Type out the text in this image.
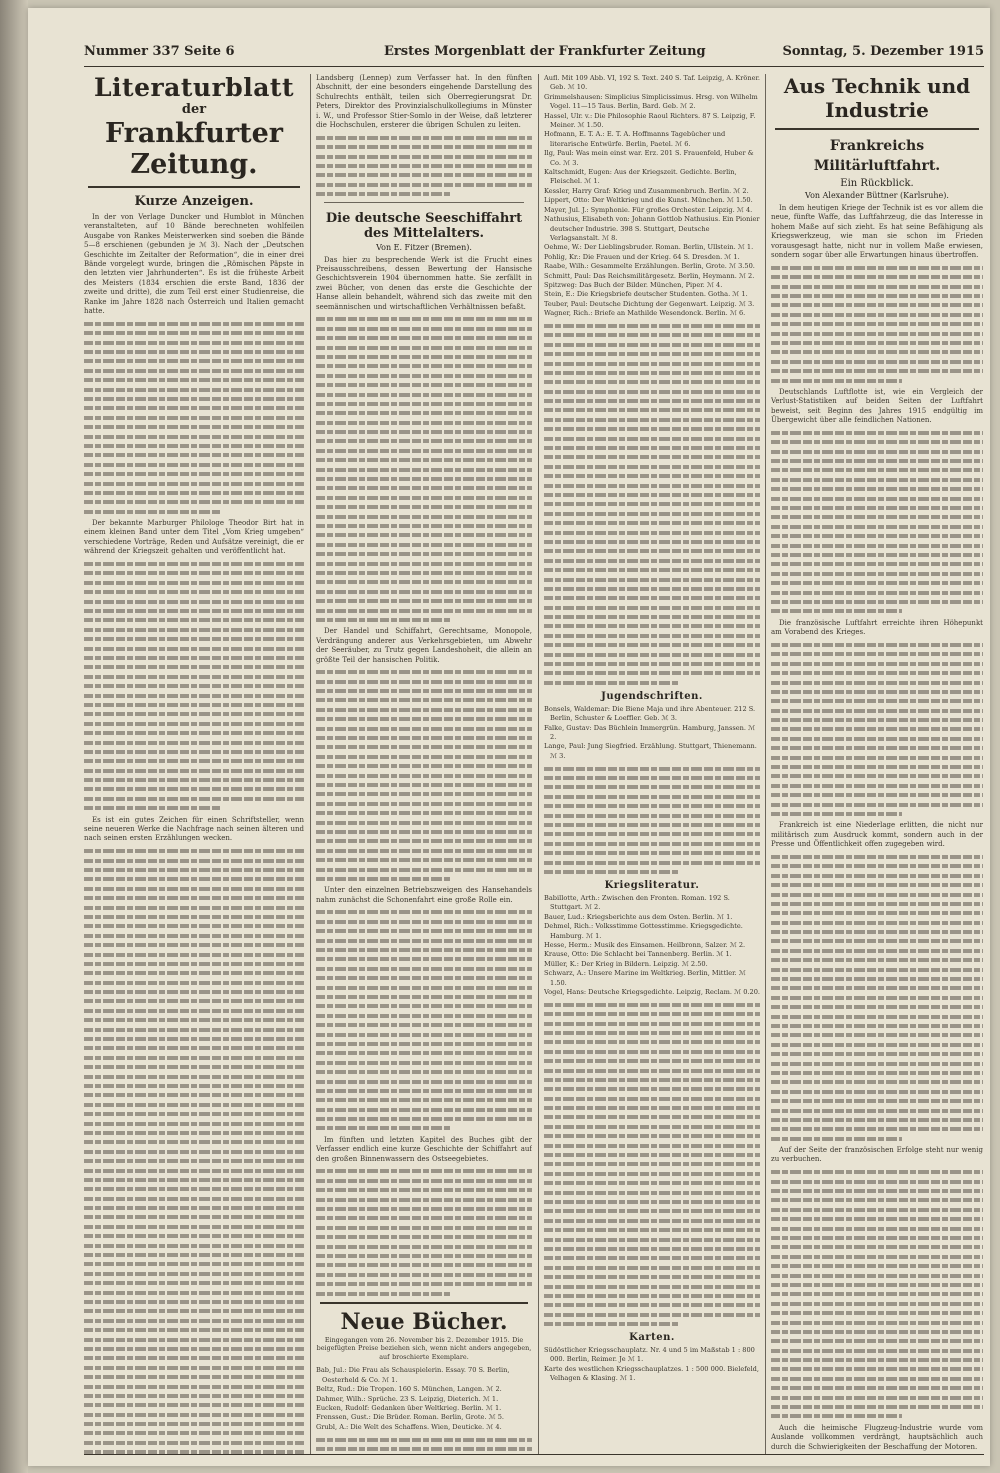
Nummer 337 Seite 6	Erstes Morgenblatt der Frankfurter Zeitung	Sonntag, 5. Dezember 1915
Literaturblatt
der
Frankfurter Zeitung.
Kurze Anzeigen.

In der von Verlage Duncker und Humblot in München veranstalteten, auf 10 Bände berechneten wohlfeilen Ausgabe von Rankes Meisterwerken sind soeben die Bände 5—8 erschienen (gebunden je ℳ 3). Nach der „Deutschen Geschichte im Zeitalter der Reformation“, die in einer drei Bände vorgelegt wurde, bringen die „Römischen Päpste in den letzten vier Jahrhunderten“. Es ist die früheste Arbeit des Meisters (1834 erschien die erste Band, 1836 der zweite und dritte), die zum Teil erst einer Studienreise, die Ranke im Jahre 1828 nach Österreich und Italien gemacht hatte.

Der bekannte Marburger Philologe Theodor Birt hat in einem kleinen Band unter dem Titel „Vom Krieg umgeben“ verschiedene Vorträge, Reden und Aufsätze vereinigt, die er während der Kriegszeit gehalten und veröffentlicht hat.

Es ist ein gutes Zeichen für einen Schriftsteller, wenn seine neueren Werke die Nachfrage nach seinen älteren und nach seinen ersten Erzählungen wecken.

Landsberg (Lennep) zum Verfasser hat. In den fünften Abschnitt, der eine besonders eingehende Darstellung des Schulrechts enthält, teilen sich Oberregierungsrat Dr. Peters, Direktor des Provinzialschulkollegiums in Münster i. W., und Professor Stier-Somlo in der Weise, daß letzterer die Hochschulen, ersterer die übrigen Schulen zu leiten.

Die deutsche Seeschiffahrt des Mittelalters.
Von E. Fitzer (Bremen).

Das hier zu besprechende Werk ist die Frucht eines Preisausschreibens, dessen Bewertung der Hansische Geschichtsverein 1904 übernommen hatte. Sie zerfällt in zwei Bücher, von denen das erste die Geschichte der Hanse allein behandelt, während sich das zweite mit den seemännischen und wirtschaftlichen Verhältnissen befaßt.

Der Handel und Schiffahrt, Gerechtsame, Monopole, Verdrängung anderer aus Verkehrsgebieten, um Abwehr der Seeräuber, zu Trutz gegen Landeshoheit, die allein an größte Teil der hansischen Politik.

Unter den einzelnen Betriebszweigen des Hansehandels nahm zunächst die Schonenfahrt eine große Rolle ein.

Im fünften und letzten Kapitel des Buches gibt der Verfasser endlich eine kurze Geschichte der Schiffahrt auf den großen Binnenwassern des Ostseegebietes.

Neue Bücher.

Eingegangen vom 26. November bis 2. Dezember 1915. Die beigefügten Preise beziehen sich, wenn nicht anders angegeben, auf broschierte Exemplare.

Bab, Jul.: Die Frau als Schauspielerin. Essay. 70 S. Berlin, Oesterheld & Co. ℳ 1.

Beltz, Rud.: Die Tropen. 160 S. München, Langen. ℳ 2.

Dahmer, Wilh.: Sprüche. 23 S. Leipzig, Dieterich. ℳ 1.

Eucken, Rudolf: Gedanken über Weltkrieg. Berlin. ℳ 1.

Frenssen, Gust.: Die Brüder. Roman. Berlin, Grote. ℳ 5.

Grubl, A.: Die Welt des Schaffens. Wien, Deuticke. ℳ 4.

Aufl. Mit 109 Abb. VI, 192 S. Text. 240 S. Taf. Leipzig, A. Kröner. Geb. ℳ 10.

Grimmelshausen: Simplicius Simplicissimus. Hrsg. von Wilhelm Vogel. 11—15 Taus. Berlin, Bard. Geb. ℳ 2.

Hassel, Ulr. v.: Die Philosophie Raoul Richters. 87 S. Leipzig, F. Meiner. ℳ 1.50.

Hofmann, E. T. A.: E. T. A. Hoffmanns Tagebücher und literarische Entwürfe. Berlin, Paetel. ℳ 6.

Ilg, Paul: Was mein einst war. Erz. 201 S. Frauenfeld, Huber & Co. ℳ 3.

Kaltschmidt, Eugen: Aus der Kriegszeit. Gedichte. Berlin, Fleischel. ℳ 1.

Kessler, Harry Graf: Krieg und Zusammenbruch. Berlin. ℳ 2.

Lippert, Otto: Der Weltkrieg und die Kunst. München. ℳ 1.50.

Mayer, Jul. J.: Symphonie. Für großes Orchester. Leipzig. ℳ 4.

Nathusius, Elisabeth von: Johann Gottlob Nathusius. Ein Pionier deutscher Industrie. 398 S. Stuttgart, Deutsche Verlagsanstalt. ℳ 8.

Oehme, W.: Der Lieblingsbruder. Roman. Berlin, Ullstein. ℳ 1.

Pohlig, Kr.: Die Frauen und der Krieg. 64 S. Dresden. ℳ 1.

Raabe, Wilh.: Gesammelte Erzählungen. Berlin, Grote. ℳ 3.50.

Schmitt, Paul: Das Reichsmilitärgesetz. Berlin, Heymann. ℳ 2.

Spitzweg: Das Buch der Bilder. München, Piper. ℳ 4.

Stein, E.: Die Kriegsbriefe deutscher Studenten. Gotha. ℳ 1.

Teuber, Paul: Deutsche Dichtung der Gegenwart. Leipzig. ℳ 3.

Wagner, Rich.: Briefe an Mathilde Wesendonck. Berlin. ℳ 6.

Jugendschriften.

Bonsels, Waldemar: Die Biene Maja und ihre Abenteuer. 212 S. Berlin, Schuster & Loeffler. Geb. ℳ 3.

Falke, Gustav: Das Büchlein Immergrün. Hamburg, Janssen. ℳ 2.

Lange, Paul: Jung Siegfried. Erzählung. Stuttgart, Thienemann. ℳ 3.

Kriegsliteratur.

Babillotte, Arth.: Zwischen den Fronten. Roman. 192 S. Stuttgart. ℳ 2.

Bauer, Lud.: Kriegsberichte aus dem Osten. Berlin. ℳ 1.

Dehmel, Rich.: Volksstimme Gottesstimme. Kriegsgedichte. Hamburg. ℳ 1.

Hesse, Herm.: Musik des Einsamen. Heilbronn, Salzer. ℳ 2.

Krause, Otto: Die Schlacht bei Tannenberg. Berlin. ℳ 1.

Müller, K.: Der Krieg in Bildern. Leipzig. ℳ 2.50.

Schwarz, A.: Unsere Marine im Weltkrieg. Berlin, Mittler. ℳ 1.50.

Vogel, Hans: Deutsche Kriegsgedichte. Leipzig, Reclam. ℳ 0.20.

Karten.

Südöstlicher Kriegsschauplatz. Nr. 4 und 5 im Maßstab 1 : 800 000. Berlin, Reimer. Je ℳ 1.

Karte des westlichen Kriegsschauplatzes. 1 : 500 000. Bielefeld, Velhagen & Klasing. ℳ 1.

Aus Technik und Industrie
Frankreichs Militärluftfahrt.
Ein Rückblick.
Von Alexander Büttner (Karlsruhe).

In dem heutigen Kriege der Technik ist es vor allem die neue, fünfte Waffe, das Luftfahrzeug, die das Interesse in hohem Maße auf sich zieht. Es hat seine Befähigung als Kriegswerkzeug, wie man sie schon im Frieden vorausgesagt hatte, nicht nur in vollem Maße erwiesen, sondern sogar über alle Erwartungen hinaus übertroffen.

Deutschlands Luftflotte ist, wie ein Vergleich der Verlust-Statistiken auf beiden Seiten der Luftfahrt beweist, seit Beginn des Jahres 1915 endgültig im Übergewicht über alle feindlichen Nationen.

Die französische Luftfahrt erreichte ihren Höhepunkt am Vorabend des Krieges.

Frankreich ist eine Niederlage erlitten, die nicht nur militärisch zum Ausdruck kommt, sondern auch in der Presse und Öffentlichkeit offen zugegeben wird.

Auf der Seite der französischen Erfolge steht nur wenig zu verbuchen.

Auch die heimische Flugzeug-Industrie wurde vom Auslande vollkommen verdrängt, hauptsächlich auch durch die Schwierigkeiten der Beschaffung der Motoren.
